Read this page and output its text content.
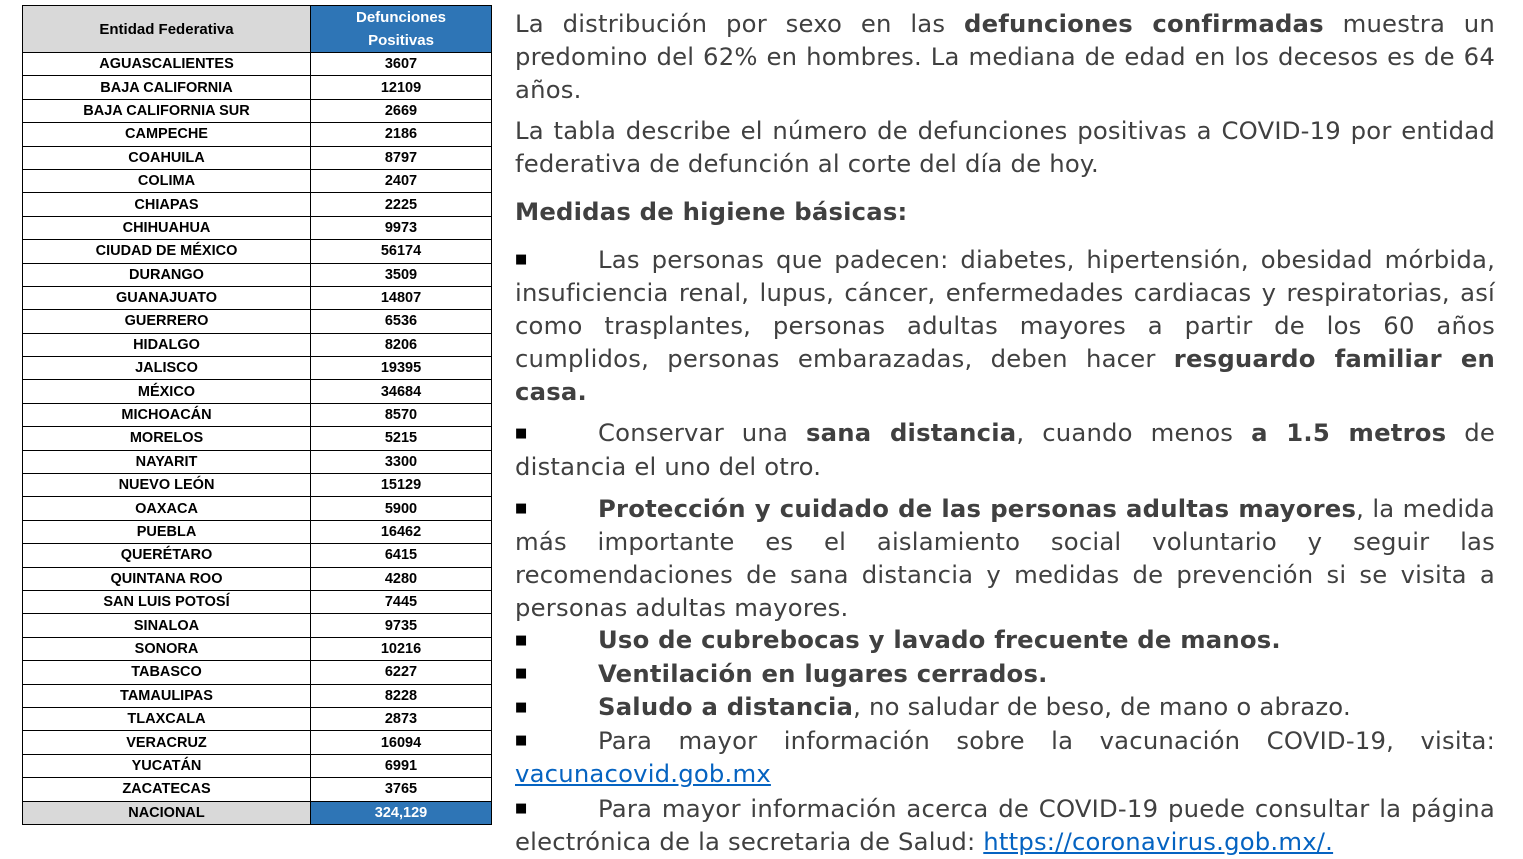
Entidad Federativa	Defunciones
Positivas
AGUASCALIENTES	3607
BAJA CALIFORNIA	12109
BAJA CALIFORNIA SUR	2669
CAMPECHE	2186
COAHUILA	8797
COLIMA	2407
CHIAPAS	2225
CHIHUAHUA	9973
CIUDAD DE MÉXICO	56174
DURANGO	3509
GUANAJUATO	14807
GUERRERO	6536
HIDALGO	8206
JALISCO	19395
MÉXICO	34684
MICHOACÁN	8570
MORELOS	5215
NAYARIT	3300
NUEVO LEÓN	15129
OAXACA	5900
PUEBLA	16462
QUERÉTARO	6415
QUINTANA ROO	4280
SAN LUIS POTOSÍ	7445
SINALOA	9735
SONORA	10216
TABASCO	6227
TAMAULIPAS	8228
TLAXCALA	2873
VERACRUZ	16094
YUCATÁN	6991
ZACATECAS	3765
NACIONAL	324,129

La distribución por sexo en las defunciones confirmadas muestra un predomino del 62% en hombres. La mediana de edad en los decesos es de 64 años.

La tabla describe el número de defunciones positivas a COVID-19 por entidad federativa de defunción al corte del día de hoy.

Medidas de higiene básicas:

■	Las personas que padecen: diabetes, hipertensión, obesidad mórbida, insuficiencia renal, lupus, cáncer, enfermedades cardiacas y respiratorias, así como trasplantes, personas adultas mayores a partir de los 60 años cumplidos, personas embarazadas, deben hacer resguardo familiar en casa.

■	Conservar una sana distancia, cuando menos a 1.5 metros de distancia el uno del otro.

■	Protección y cuidado de las personas adultas mayores, la medida más importante es el aislamiento social voluntario y seguir las recomendaciones de sana distancia y medidas de prevención si se visita a personas adultas mayores.

■	Uso de cubrebocas y lavado frecuente de manos.

■	Ventilación en lugares cerrados.

■	Saludo a distancia, no saludar de beso, de mano o abrazo.

■	Para mayor información sobre la vacunación COVID-19, visita: vacunacovid.gob.mx

■	Para mayor información acerca de COVID-19 puede consultar la página electrónica de la secretaria de Salud: https://coronavirus.gob.mx/.
